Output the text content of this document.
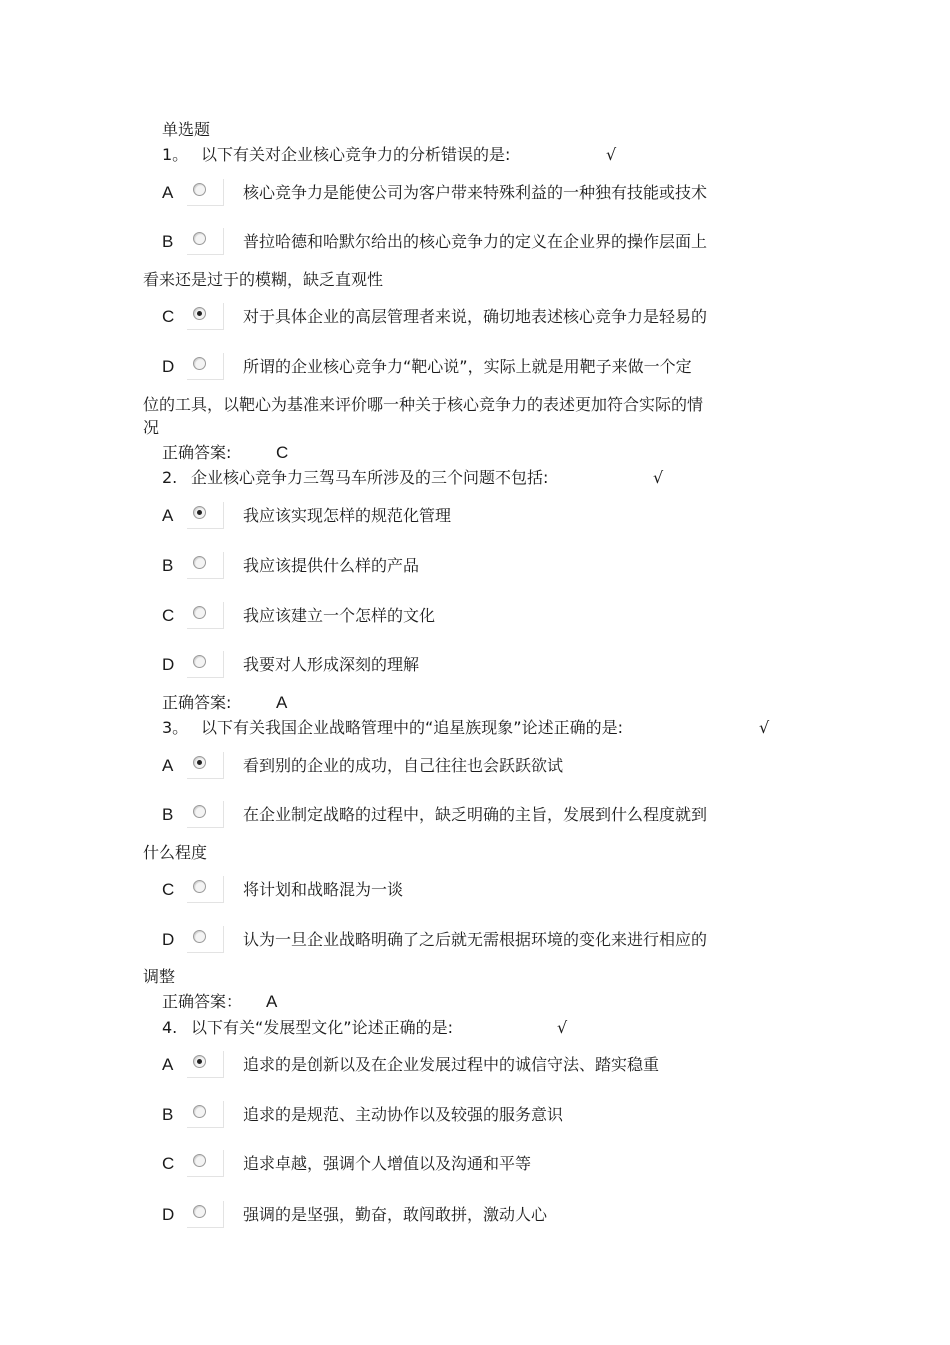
单选题
1。 以下有关对企业核心竞争力的分析错误的是:	√
A	核心竞争力是能使公司为客户带来特殊利益的一种独有技能或技术
B	普拉哈德和哈默尔给出的核心竞争力的定义在企业界的操作层面上
看来还是过于的模糊，缺乏直观性
C	对于具体企业的高层管理者来说，确切地表述核心竞争力是轻易的
D	所谓的企业核心竞争力“靶心说”，实际上就是用靶子来做一个定
位的工具，以靶心为基准来评价哪一种关于核心竞争力的表述更加符合实际的情
况
正确答案:	C
2. 企业核心竞争力三驾马车所涉及的三个问题不包括:	√
A	我应该实现怎样的规范化管理
B	我应该提供什么样的产品
C	我应该建立一个怎样的文化
D	我要对人形成深刻的理解
正确答案:	A
3。 以下有关我国企业战略管理中的“追星族现象”论述正确的是:	√
A	看到别的企业的成功，自己往往也会跃跃欲试
B	在企业制定战略的过程中，缺乏明确的主旨，发展到什么程度就到
什么程度
C	将计划和战略混为一谈
D	认为一旦企业战略明确了之后就无需根据环境的变化来进行相应的
调整
正确答案： A
4. 以下有关“发展型文化”论述正确的是:	√
A	追求的是创新以及在企业发展过程中的诚信守法、踏实稳重
B	追求的是规范、主动协作以及较强的服务意识
C	追求卓越，强调个人增值以及沟通和平等
D	强调的是坚强，勤奋，敢闯敢拼，激动人心
